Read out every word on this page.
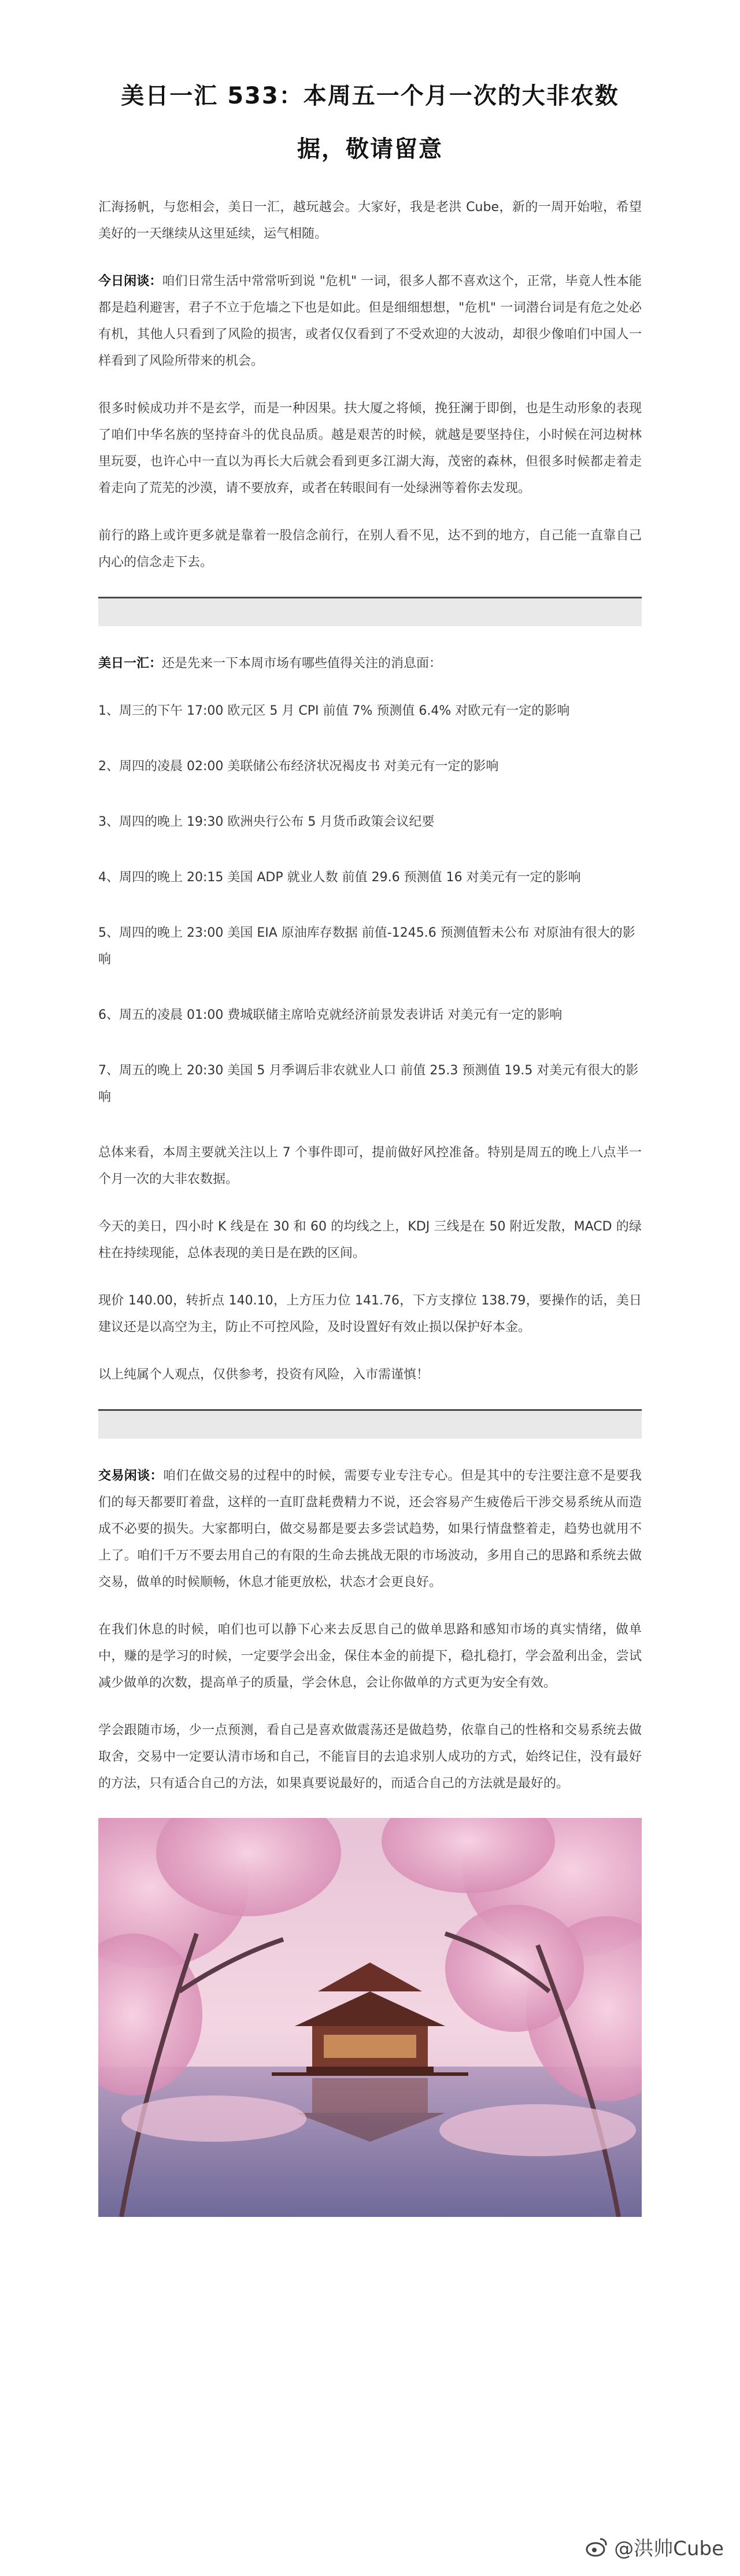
美日一汇 533：本周五一个月一次的大非农数据，敬请留意

汇海扬帆，与您相会，美日一汇，越玩越会。大家好，我是老洪 Cube，新的一周开始啦，希望美好的一天继续从这里延续，运气相随。

今日闲谈：咱们日常生活中常常听到说 "危机" 一词，很多人都不喜欢这个，正常，毕竟人性本能都是趋利避害，君子不立于危墙之下也是如此。但是细细想想，"危机" 一词潜台词是有危之处必有机，其他人只看到了风险的损害，或者仅仅看到了不受欢迎的大波动，却很少像咱们中国人一样看到了风险所带来的机会。

很多时候成功并不是玄学，而是一种因果。扶大厦之将倾，挽狂澜于即倒，也是生动形象的表现了咱们中华名族的坚持奋斗的优良品质。越是艰苦的时候，就越是要坚持住，小时候在河边树林里玩耍，也许心中一直以为再长大后就会看到更多江湖大海，茂密的森林，但很多时候都走着走着走向了荒芜的沙漠，请不要放弃，或者在转眼间有一处绿洲等着你去发现。

前行的路上或许更多就是靠着一股信念前行，在别人看不见，达不到的地方，自己能一直靠自己内心的信念走下去。

美日一汇：还是先来一下本周市场有哪些值得关注的消息面：

1、周三的下午 17:00 欧元区 5 月 CPI 前值 7% 预测值 6.4% 对欧元有一定的影响

2、周四的凌晨 02:00 美联储公布经济状况褐皮书 对美元有一定的影响

3、周四的晚上 19:30 欧洲央行公布 5 月货币政策会议纪要

4、周四的晚上 20:15 美国 ADP 就业人数 前值 29.6 预测值 16 对美元有一定的影响

5、周四的晚上 23:00 美国 EIA 原油库存数据 前值-1245.6 预测值暂未公布 对原油有很大的影响

6、周五的凌晨 01:00 费城联储主席哈克就经济前景发表讲话 对美元有一定的影响

7、周五的晚上 20:30 美国 5 月季调后非农就业人口 前值 25.3 预测值 19.5 对美元有很大的影响

总体来看，本周主要就关注以上 7 个事件即可，提前做好风控准备。特别是周五的晚上八点半一个月一次的大非农数据。

今天的美日，四小时 K 线是在 30 和 60 的均线之上，KDJ 三线是在 50 附近发散，MACD 的绿柱在持续现能，总体表现的美日是在跌的区间。

现价 140.00，转折点 140.10，上方压力位 141.76，下方支撑位 138.79，要操作的话，美日建议还是以高空为主，防止不可控风险，及时设置好有效止损以保护好本金。

以上纯属个人观点，仅供参考，投资有风险，入市需谨慎！

交易闲谈：咱们在做交易的过程中的时候，需要专业专注专心。但是其中的专注要注意不是要我们的每天都要盯着盘，这样的一直盯盘耗费精力不说，还会容易产生疲倦后干涉交易系统从而造成不必要的损失。大家都明白，做交易都是要去多尝试趋势，如果行情盘整着走，趋势也就用不上了。咱们千万不要去用自己的有限的生命去挑战无限的市场波动，多用自己的思路和系统去做交易，做单的时候顺畅，休息才能更放松，状态才会更良好。

在我们休息的时候，咱们也可以静下心来去反思自己的做单思路和感知市场的真实情绪，做单中，赚的是学习的时候，一定要学会出金，保住本金的前提下，稳扎稳打，学会盈利出金，尝试减少做单的次数，提高单子的质量，学会休息，会让你做单的方式更为安全有效。

学会跟随市场，少一点预测，看自己是喜欢做震荡还是做趋势，依靠自己的性格和交易系统去做取舍，交易中一定要认清市场和自己，不能盲目的去追求别人成功的方式，始终记住，没有最好的方法，只有适合自己的方法，如果真要说最好的，而适合自己的方法就是最好的。

@洪帅Cube
